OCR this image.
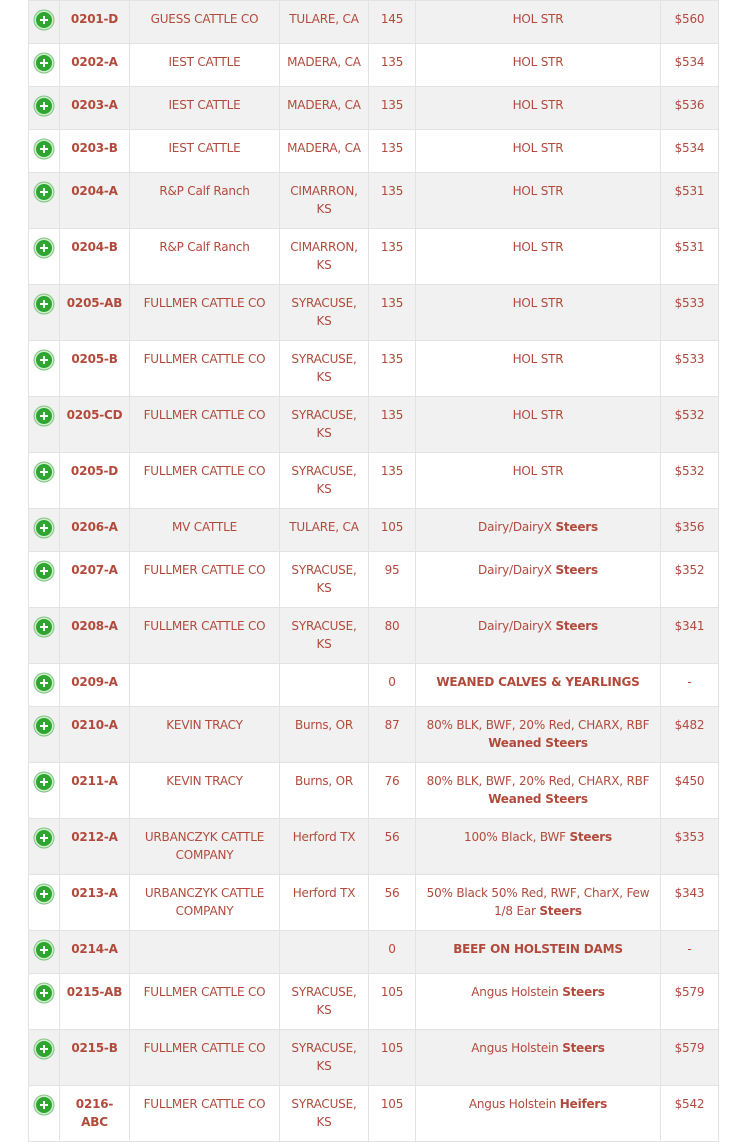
	0201-D	GUESS CATTLE CO	TULARE, CA	145	HOL STR	$560
	0202-A	IEST CATTLE	MADERA, CA	135	HOL STR	$534
	0203-A	IEST CATTLE	MADERA, CA	135	HOL STR	$536
	0203-B	IEST CATTLE	MADERA, CA	135	HOL STR	$534
	0204-A	R&P Calf Ranch	CIMARRON, KS	135	HOL STR	$531
	0204-B	R&P Calf Ranch	CIMARRON, KS	135	HOL STR	$531
	0205-AB	FULLMER CATTLE CO	SYRACUSE, KS	135	HOL STR	$533
	0205-B	FULLMER CATTLE CO	SYRACUSE, KS	135	HOL STR	$533
	0205-CD	FULLMER CATTLE CO	SYRACUSE, KS	135	HOL STR	$532
	0205-D	FULLMER CATTLE CO	SYRACUSE, KS	135	HOL STR	$532
	0206-A	MV CATTLE	TULARE, CA	105	Dairy/DairyX Steers	$356
	0207-A	FULLMER CATTLE CO	SYRACUSE, KS	95	Dairy/DairyX Steers	$352
	0208-A	FULLMER CATTLE CO	SYRACUSE, KS	80	Dairy/DairyX Steers	$341
	0209-A			0	WEANED CALVES & YEARLINGS	-
	0210-A	KEVIN TRACY	Burns, OR	87	80% BLK, BWF, 20% Red, CHARX, RBF Weaned Steers	$482
	0211-A	KEVIN TRACY	Burns, OR	76	80% BLK, BWF, 20% Red, CHARX, RBF Weaned Steers	$450
	0212-A	URBANCZYK CATTLE COMPANY	Herford TX	56	100% Black, BWF Steers	$353
	0213-A	URBANCZYK CATTLE COMPANY	Herford TX	56	50% Black 50% Red, RWF, CharX, Few 1/8 Ear Steers	$343
	0214-A			0	BEEF ON HOLSTEIN DAMS	-
	0215-AB	FULLMER CATTLE CO	SYRACUSE, KS	105	Angus Holstein Steers	$579
	0215-B	FULLMER CATTLE CO	SYRACUSE, KS	105	Angus Holstein Steers	$579
	0216-ABC	FULLMER CATTLE CO	SYRACUSE, KS	105	Angus Holstein Heifers	$542
